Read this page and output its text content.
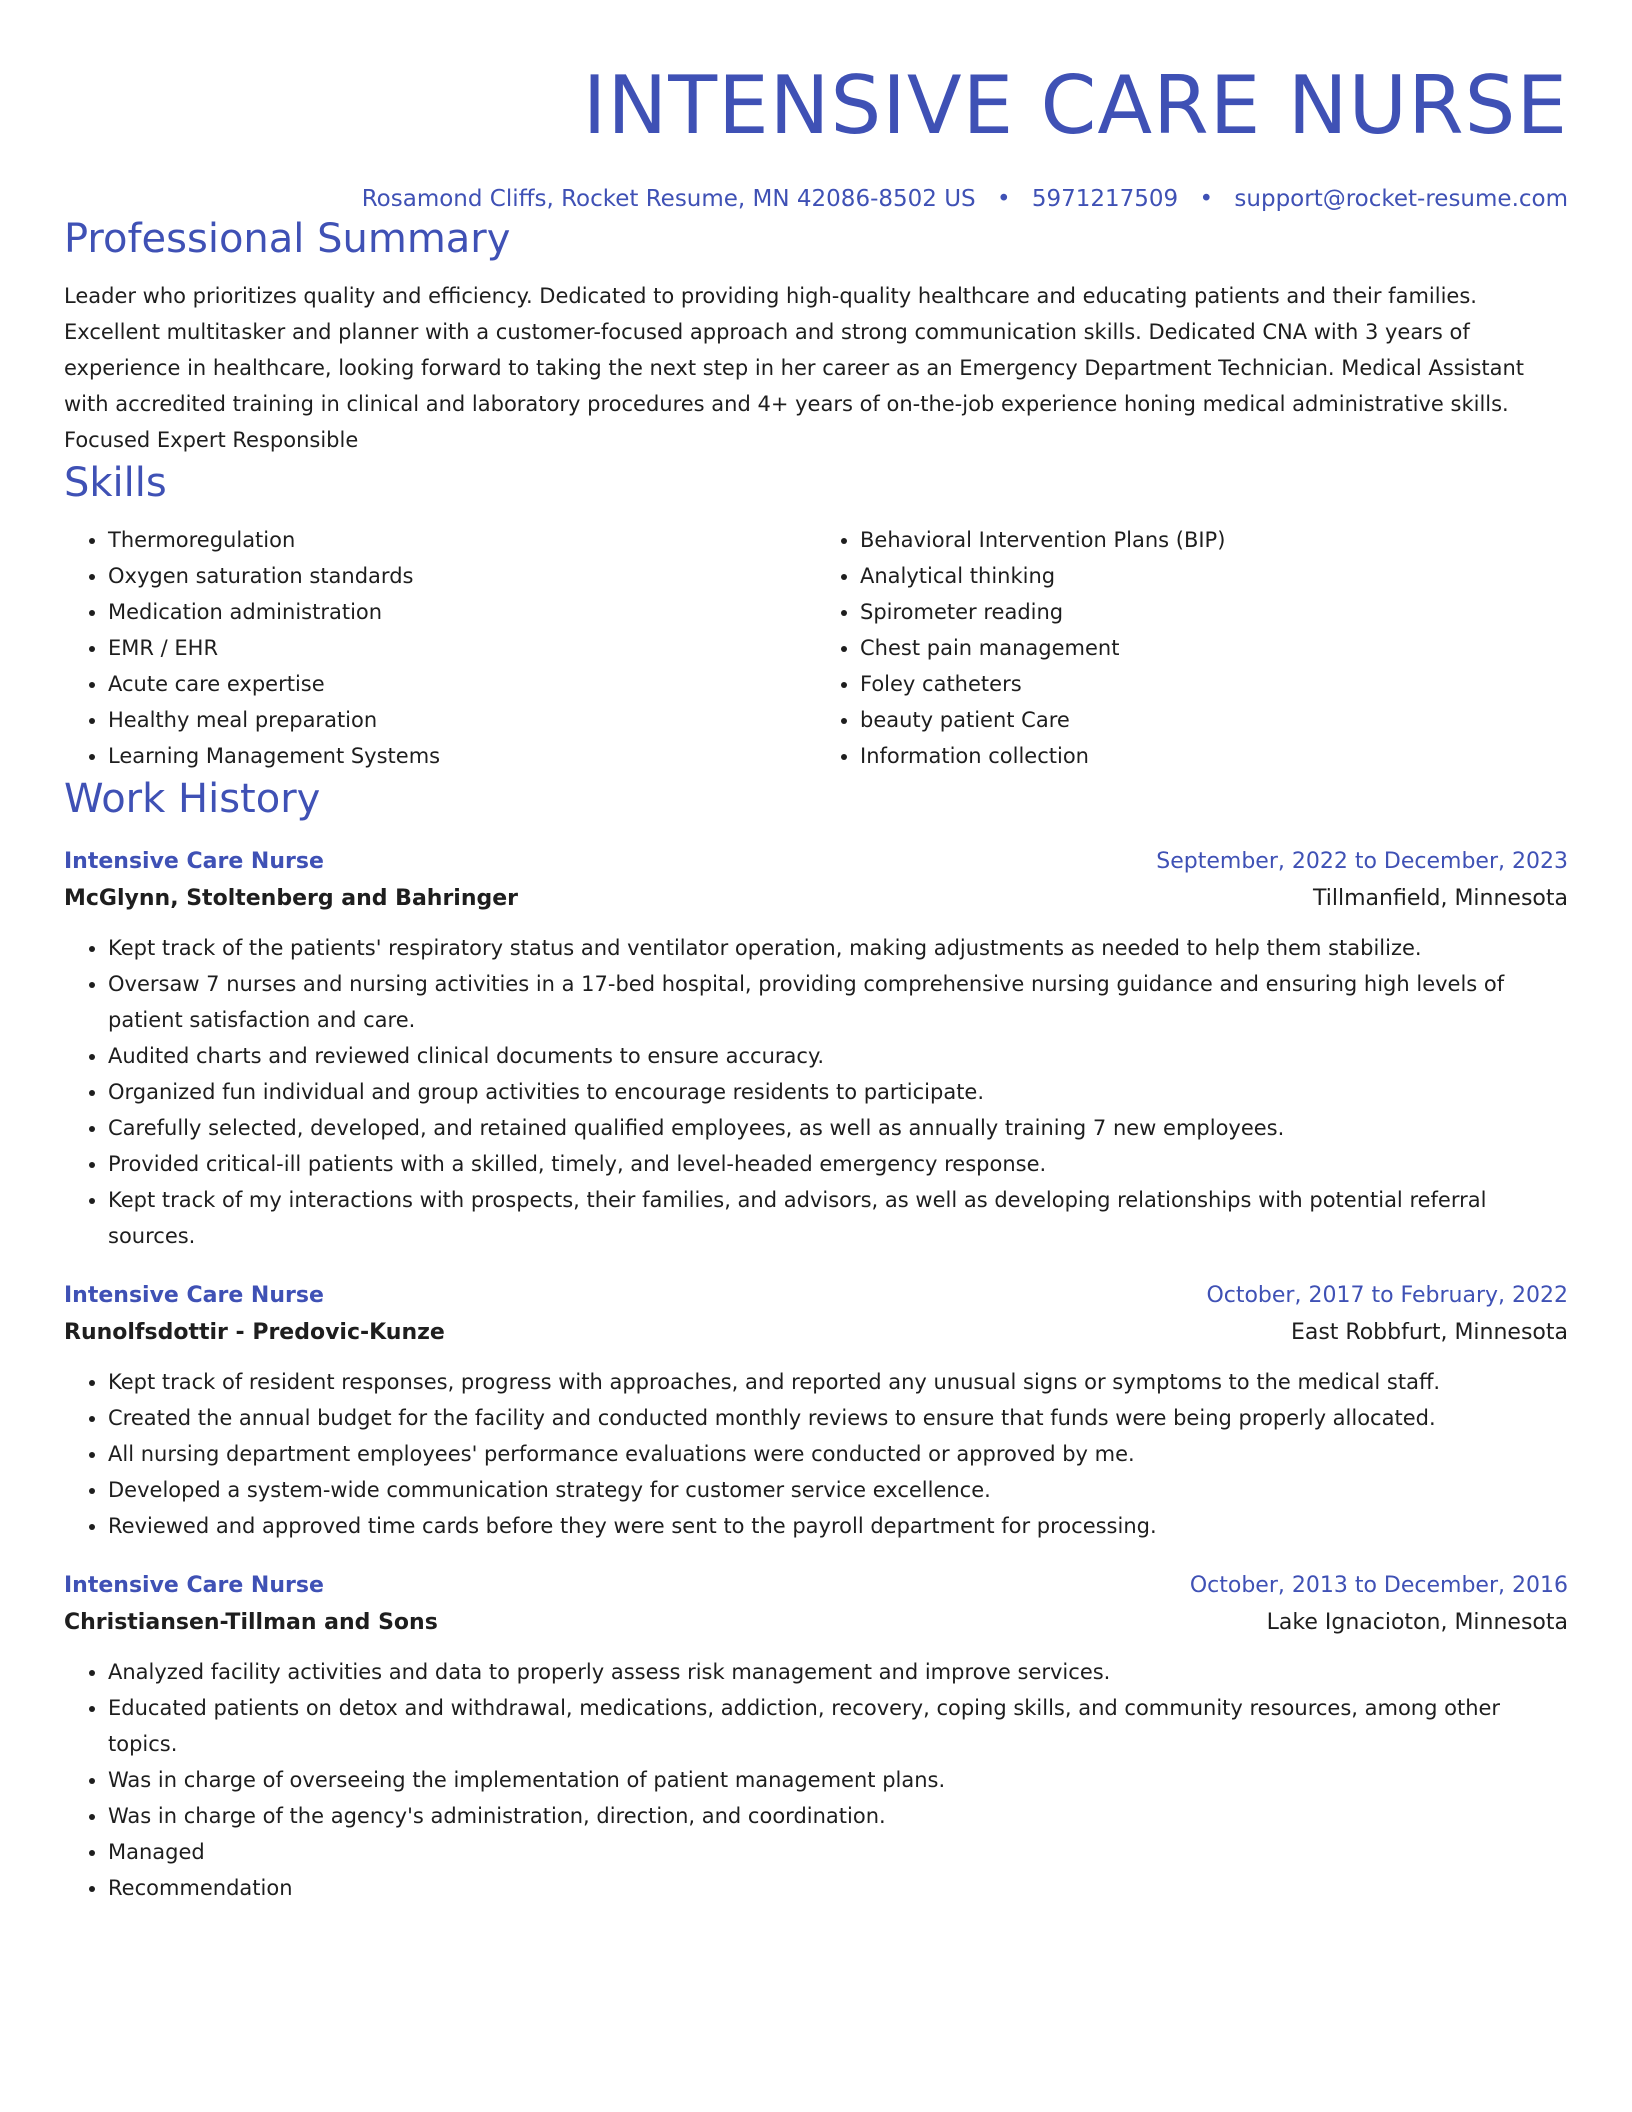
INTENSIVE CARE NURSE
Rosamond Cliffs, Rocket Resume, MN 42086-8502 US • 5971217509 • support@rocket-resume.com
Professional Summary

Leader who prioritizes quality and efficiency. Dedicated to providing high-quality healthcare and educating patients and their families. Excellent multitasker and planner with a customer-focused approach and strong communication skills. Dedicated CNA with 3 years of experience in healthcare, looking forward to taking the next step in her career as an Emergency Department Technician. Medical Assistant with accredited training in clinical and laboratory procedures and 4+ years of on-the-job experience honing medical administrative skills. Focused Expert Responsible

Skills
• Thermoregulation
• Oxygen saturation standards
• Medication administration
• EMR / EHR
• Acute care expertise
• Healthy meal preparation
• Learning Management Systems
• Behavioral Intervention Plans (BIP)
• Analytical thinking
• Spirometer reading
• Chest pain management
• Foley catheters
• beauty patient Care
• Information collection
Work History
Intensive Care Nurse	September, 2022 to December, 2023
McGlynn, Stoltenberg and Bahringer	Tillmanfield, Minnesota
• Kept track of the patients' respiratory status and ventilator operation, making adjustments as needed to help them stabilize.
• Oversaw 7 nurses and nursing activities in a 17-bed hospital, providing comprehensive nursing guidance and ensuring high levels of patient satisfaction and care.
• Audited charts and reviewed clinical documents to ensure accuracy.
• Organized fun individual and group activities to encourage residents to participate.
• Carefully selected, developed, and retained qualified employees, as well as annually training 7 new employees.
• Provided critical-ill patients with a skilled, timely, and level-headed emergency response.
• Kept track of my interactions with prospects, their families, and advisors, as well as developing relationships with potential referral sources.
Intensive Care Nurse	October, 2017 to February, 2022
Runolfsdottir - Predovic-Kunze	East Robbfurt, Minnesota
• Kept track of resident responses, progress with approaches, and reported any unusual signs or symptoms to the medical staff.
• Created the annual budget for the facility and conducted monthly reviews to ensure that funds were being properly allocated.
• All nursing department employees' performance evaluations were conducted or approved by me.
• Developed a system-wide communication strategy for customer service excellence.
• Reviewed and approved time cards before they were sent to the payroll department for processing.
Intensive Care Nurse	October, 2013 to December, 2016
Christiansen-Tillman and Sons	Lake Ignacioton, Minnesota
• Analyzed facility activities and data to properly assess risk management and improve services.
• Educated patients on detox and withdrawal, medications, addiction, recovery, coping skills, and community resources, among other topics.
• Was in charge of overseeing the implementation of patient management plans.
• Was in charge of the agency's administration, direction, and coordination.
• Managed
• Recommendation
